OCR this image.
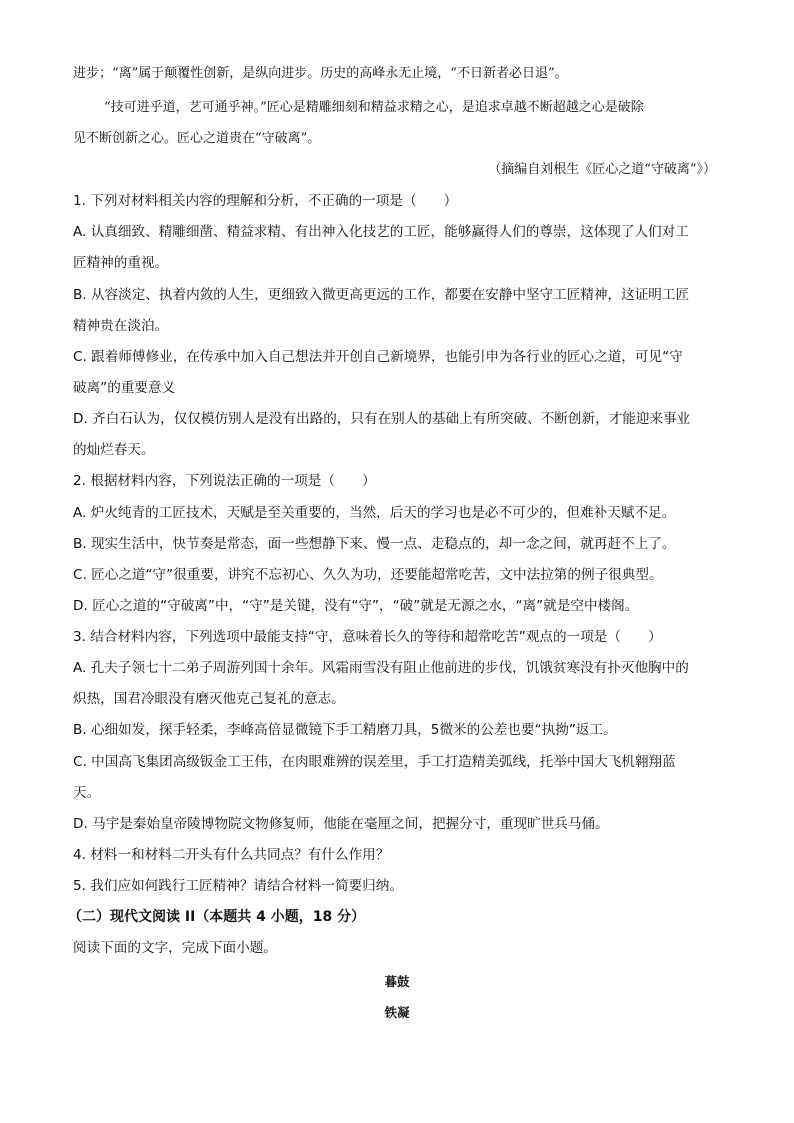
进步；“离”属于颠覆性创新，是纵向进步。历史的高峰永无止境，“不日新者必日退”。
“技可进乎道，艺可通乎神。”匠心是精雕细刻和精益求精之心，是追求卓越不断超越之心是破除
见不断创新之心。匠心之道贵在“守破离”。
（摘编自刘根生《匠心之道“守破离”》）
1. 下列对材料相关内容的理解和分析，不正确的一项是（　　）
A. 认真细致、精雕细凿、精益求精、有出神入化技艺的工匠，能够赢得人们的尊崇，这体现了人们对工
匠精神的重视。
B. 从容淡定、执着内敛的人生，更细致入微更高更远的工作，都要在安静中坚守工匠精神，这证明工匠
精神贵在淡泊。
C. 跟着师傅修业，在传承中加入自己想法并开创自己新境界，也能引申为各行业的匠心之道，可见“守
破离”的重要意义
D. 齐白石认为，仅仅模仿别人是没有出路的，只有在别人的基础上有所突破、不断创新，才能迎来事业
的灿烂春天。
2. 根据材料内容，下列说法正确的一项是（　　）
A. 炉火纯青的工匠技术，天赋是至关重要的，当然，后天的学习也是必不可少的，但难补天赋不足。
B. 现实生活中，快节奏是常态，面一些想静下来、慢一点、走稳点的，却一念之间，就再赶不上了。
C. 匠心之道“守”很重要，讲究不忘初心、久久为功，还要能超常吃苦，文中法拉第的例子很典型。
D. 匠心之道的“守破离”中，“守”是关键，没有“守”，“破”就是无源之水，“离”就是空中楼阁。
3. 结合材料内容，下列选项中最能支持“守，意味着长久的等待和超常吃苦”观点的一项是（　　）
A. 孔夫子领七十二弟子周游列国十余年。风霜雨雪没有阻止他前进的步伐，饥饿贫寒没有扑灭他胸中的
炽热，国君冷眼没有磨灭他克己复礼的意志。
B. 心细如发，探手轻柔，李峰高倍显微镜下手工精磨刀具，5微米的公差也要“执拗”返工。
C. 中国高飞集团高级钣金工王伟，在肉眼难辨的误差里，手工打造精美弧线，托举中国大飞机翱翔蓝
天。
D. 马宇是秦始皇帝陵博物院文物修复师，他能在毫厘之间，把握分寸，重现旷世兵马俑。
4. 材料一和材料二开头有什么共同点？有什么作用？
5. 我们应如何践行工匠精神？请结合材料一简要归纳。
（二）现代文阅读 II（本题共 4 小题，18 分）
阅读下面的文字，完成下面小题。
暮鼓
铁凝
